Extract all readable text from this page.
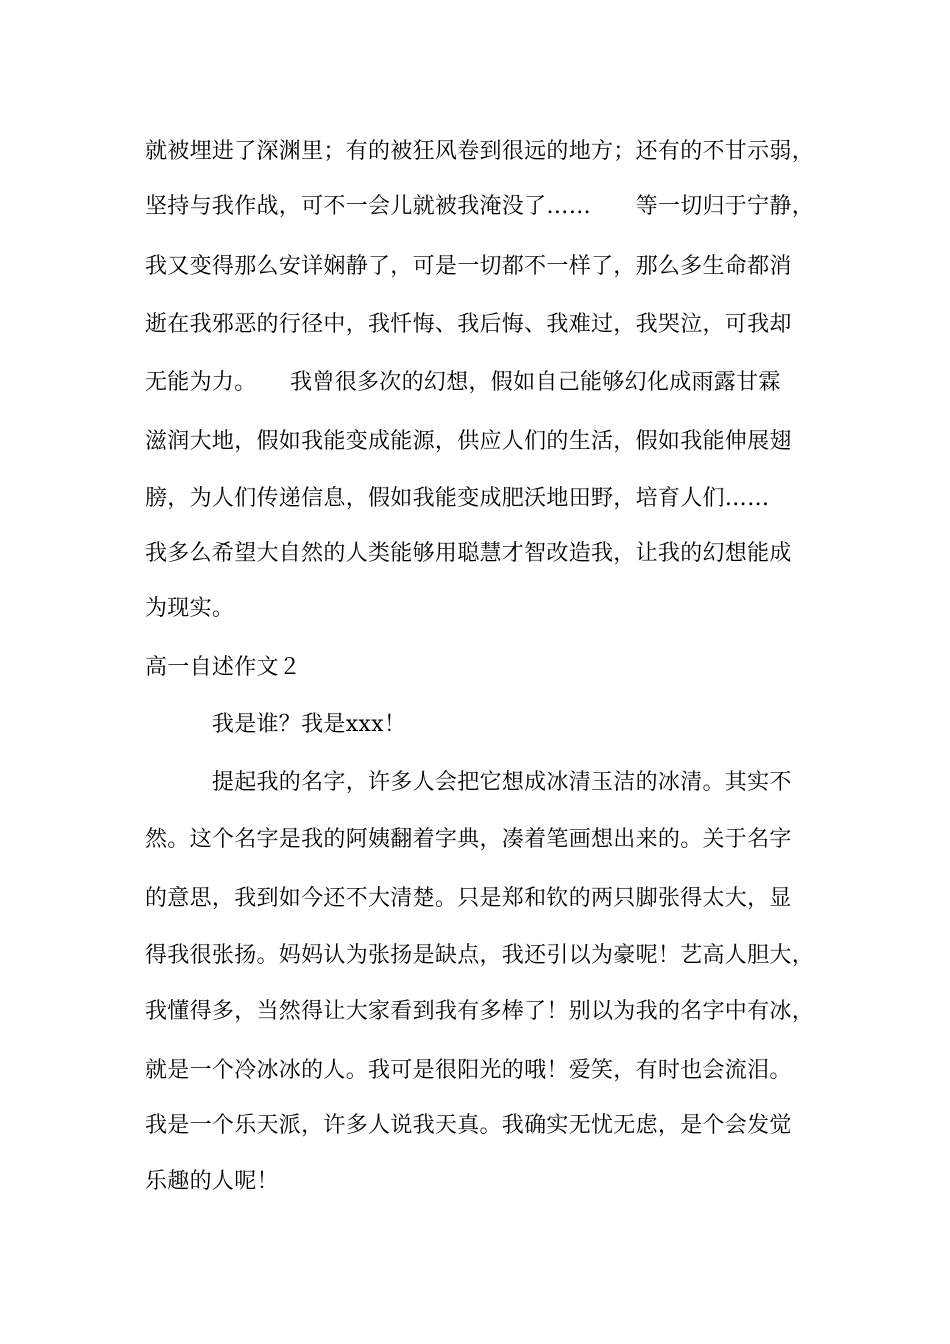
就被埋进了深渊里；有的被狂风卷到很远的地方；还有的不甘示弱，
坚持与我作战，可不一会儿就被我淹没了……　　等一切归于宁静，
我又变得那么安详娴静了，可是一切都不一样了，那么多生命都消
逝在我邪恶的行径中，我忏悔、我后悔、我难过，我哭泣，可我却
无能为力。　　我曾很多次的幻想，假如自己能够幻化成雨露甘霖
滋润大地，假如我能变成能源，供应人们的生活，假如我能伸展翅
膀，为人们传递信息，假如我能变成肥沃地田野，培育人们……
我多么希望大自然的人类能够用聪慧才智改造我，让我的幻想能成
为现实。
高一自述作文２
　　　我是谁？我是xxx！
　　　提起我的名字，许多人会把它想成冰清玉洁的冰清。其实不
然。这个名字是我的阿姨翻着字典，凑着笔画想出来的。关于名字
的意思，我到如今还不大清楚。只是郑和钦的两只脚张得太大，显
得我很张扬。妈妈认为张扬是缺点，我还引以为豪呢！艺高人胆大，
我懂得多，当然得让大家看到我有多棒了！别以为我的名字中有冰，
就是一个冷冰冰的人。我可是很阳光的哦！爱笑，有时也会流泪。
我是一个乐天派，许多人说我天真。我确实无忧无虑，是个会发觉
乐趣的人呢！
